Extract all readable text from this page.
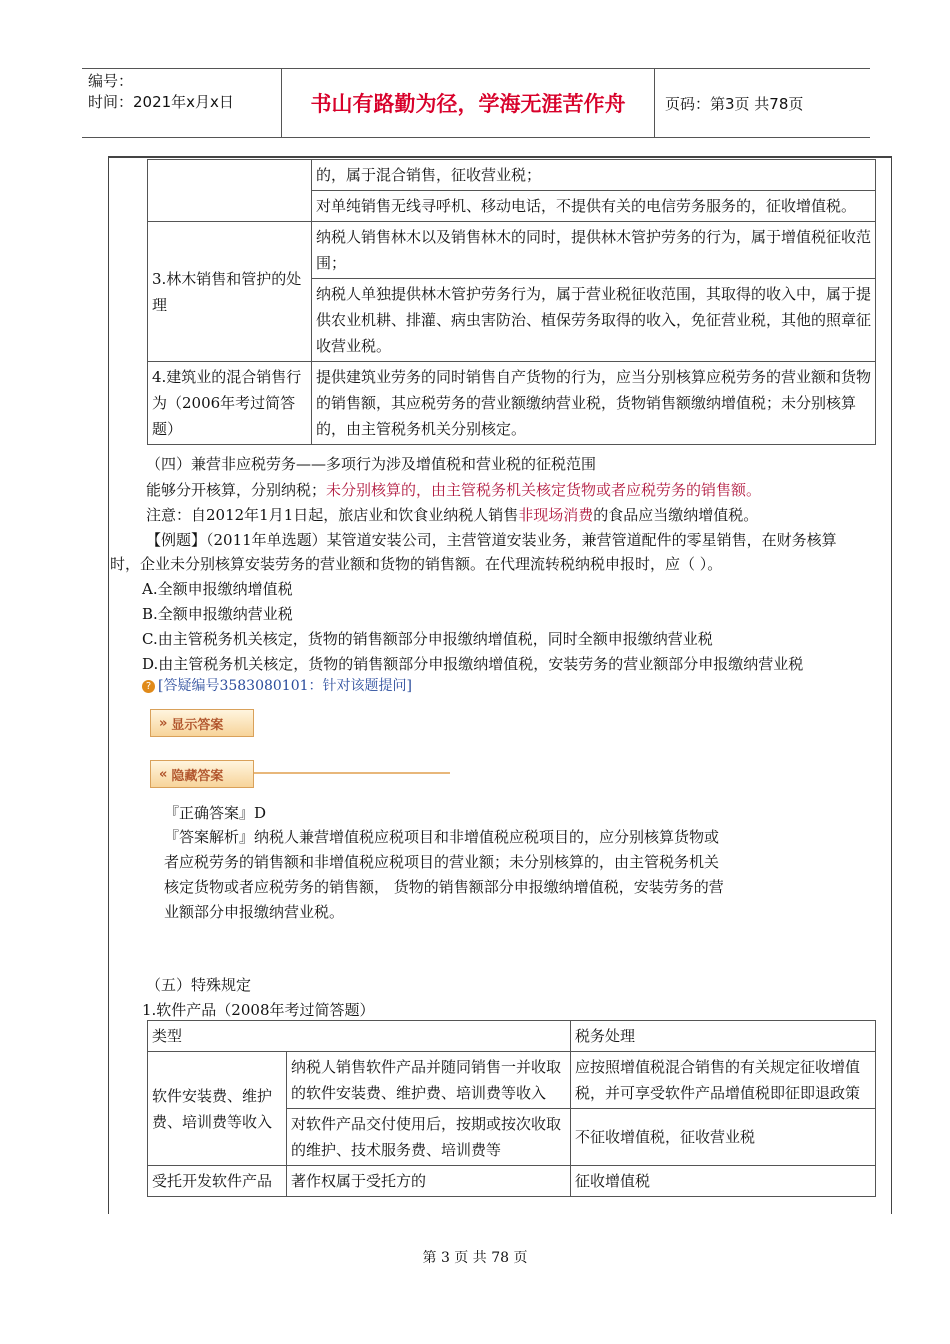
编号：
时间：2021年x月x日	书山有路勤为径，学海无涯苦作舟	页码：第3页 共78页
	的，属于混合销售，征收营业税；
	对单纯销售无线寻呼机、移动电话，不提供有关的电信劳务服务的，征收增值税。
3.林木销售和管护的处理	纳税人销售林木以及销售林木的同时，提供林木管护劳务的行为，属于增值税征收范围；
	纳税人单独提供林木管护劳务行为，属于营业税征收范围，其取得的收入中，属于提供农业机耕、排灌、病虫害防治、植保劳务取得的收入，免征营业税，其他的照章征收营业税。
4.建筑业的混合销售行为（2006年考过简答题）	提供建筑业劳务的同时销售自产货物的行为，应当分别核算应税劳务的营业额和货物的销售额，其应税劳务的营业额缴纳营业税，货物销售额缴纳增值税；未分别核算的，由主管税务机关分别核定。
（四）兼营非应税劳务——多项行为涉及增值税和营业税的征税范围
能够分开核算，分别纳税；未分别核算的，由主管税务机关核定货物或者应税劳务的销售额。
注意：自2012年1月1日起，旅店业和饮食业纳税人销售非现场消费的食品应当缴纳增值税。
【例题】（2011年单选题）某管道安装公司，主营管道安装业务，兼营管道配件的零星销售，在财务核算
时，企业未分别核算安装劳务的营业额和货物的销售额。在代理流转税纳税申报时，应（ ）。
A.全额申报缴纳增值税
B.全额申报缴纳营业税
C.由主管税务机关核定，货物的销售额部分申报缴纳增值税，同时全额申报缴纳营业税
D.由主管税务机关核定，货物的销售额部分申报缴纳增值税，安装劳务的营业额部分申报缴纳营业税
? [答疑编号3583080101：针对该题提问]
» 显示答案
« 隐藏答案
『正确答案』D
『答案解析』纳税人兼营增值税应税项目和非增值税应税项目的，应分别核算货物或
者应税劳务的销售额和非增值税应税项目的营业额；未分别核算的，由主管税务机关
核定货物或者应税劳务的销售额， 货物的销售额部分申报缴纳增值税，安装劳务的营
业额部分申报缴纳营业税。
（五）特殊规定
1.软件产品（2008年考过简答题）
类型		税务处理
软件安装费、维护费、培训费等收入	纳税人销售软件产品并随同销售一并收取的软件安装费、维护费、培训费等收入	应按照增值税混合销售的有关规定征收增值税，并可享受软件产品增值税即征即退政策
	对软件产品交付使用后，按期或按次收取的维护、技术服务费、培训费等	不征收增值税，征收营业税
受托开发软件产品	著作权属于受托方的	征收增值税
第 3 页 共 78 页
